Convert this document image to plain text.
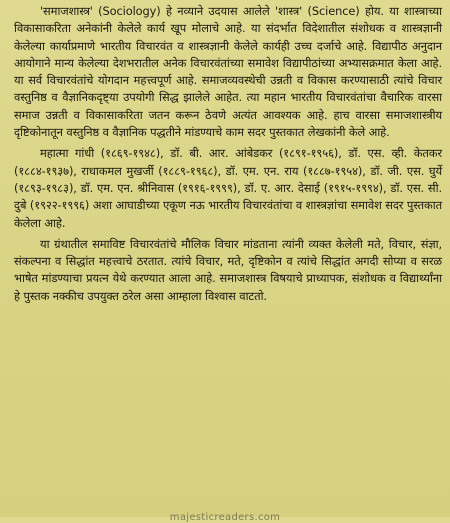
'समाजशास्त्र' (Sociology) हे नव्याने उदयास आलेले 'शास्त्र' (Science) होय. या शास्त्राच्या विकासाकरिता अनेकांनी केलेले कार्य खूप मोलाचे आहे. या संदर्भात विदेशातील संशोधक व शास्त्रज्ञानी केलेल्या कार्याप्रमाणे भारतीय विचारवंत व शास्त्रज्ञानी केलेले कार्यही उच्च दर्जाचे आहे. विद्यापीठ अनुदान आयोगाने मान्य केलेल्या देशभरातील अनेक विचारवंतांच्या समावेश विद्यापीठांच्या अभ्यासक्रमात केला आहे. या सर्व विचारवंतांचे योगदान महत्त्वपूर्ण आहे. समाजव्यवस्थेची उन्नती व विकास करण्यासाठी त्यांचे विचार वस्तुनिष्ठ व वैज्ञानिकदृष्ट्या उपयोगी सिद्ध झालेले आहेत. त्या महान भारतीय विचारवंतांचा वैचारिक वारसा समाज उन्नती व विकासाकरिता जतन करून ठेवणे अत्यंत आवश्यक आहे. हाच वारसा समाजशास्त्रीय दृष्टिकोनातून वस्तुनिष्ठ व वैज्ञानिक पद्धतीने मांडण्याचे काम सदर पुस्तकात लेखकांनी केले आहे.

महात्मा गांधी (१८६९-१९४८), डॉ. बी. आर. आंबेडकर (१८९१-१९५६), डॉ. एस. व्ही. केतकर (१८८४-१९३७), राधाकमल मुखर्जी (१८८९-१९६८), डॉ. एम. एन. राय (१८८७-१९५४), डॉ. जी. एस. घुर्ये (१८९३-१९८३), डॉ. एम. एन. श्रीनिवास (१९१६-१९९९), डॉ. ए. आर. देसाई (१९१५-१९९४), डॉ. एस. सी. दुबे (१९२२-१९९६) अशा आघाडीच्या एकूण नऊ भारतीय विचारवंतांचा व शास्त्रज्ञांचा समावेश सदर पुस्तकात केलेला आहे.

या ग्रंथातील समाविष्ट विचारवंतांचे मौलिक विचार मांडताना त्यांनी व्यक्त केलेली मते, विचार, संज्ञा, संकल्पना व सिद्धांत महत्त्वाचे ठरतात. त्यांचे विचार, मते, दृष्टिकोन व त्यांचे सिद्धांत अगदी सोप्या व सरळ भाषेत मांडण्याचा प्रयत्न येथे करण्यात आला आहे. समाजशास्त्र विषयाचे प्राध्यापक, संशोधक व विद्यार्थ्यांना हे पुस्तक नक्कीच उपयुक्त ठरेल असा आम्हाला विश्वास वाटतो.

majesticreaders.com
